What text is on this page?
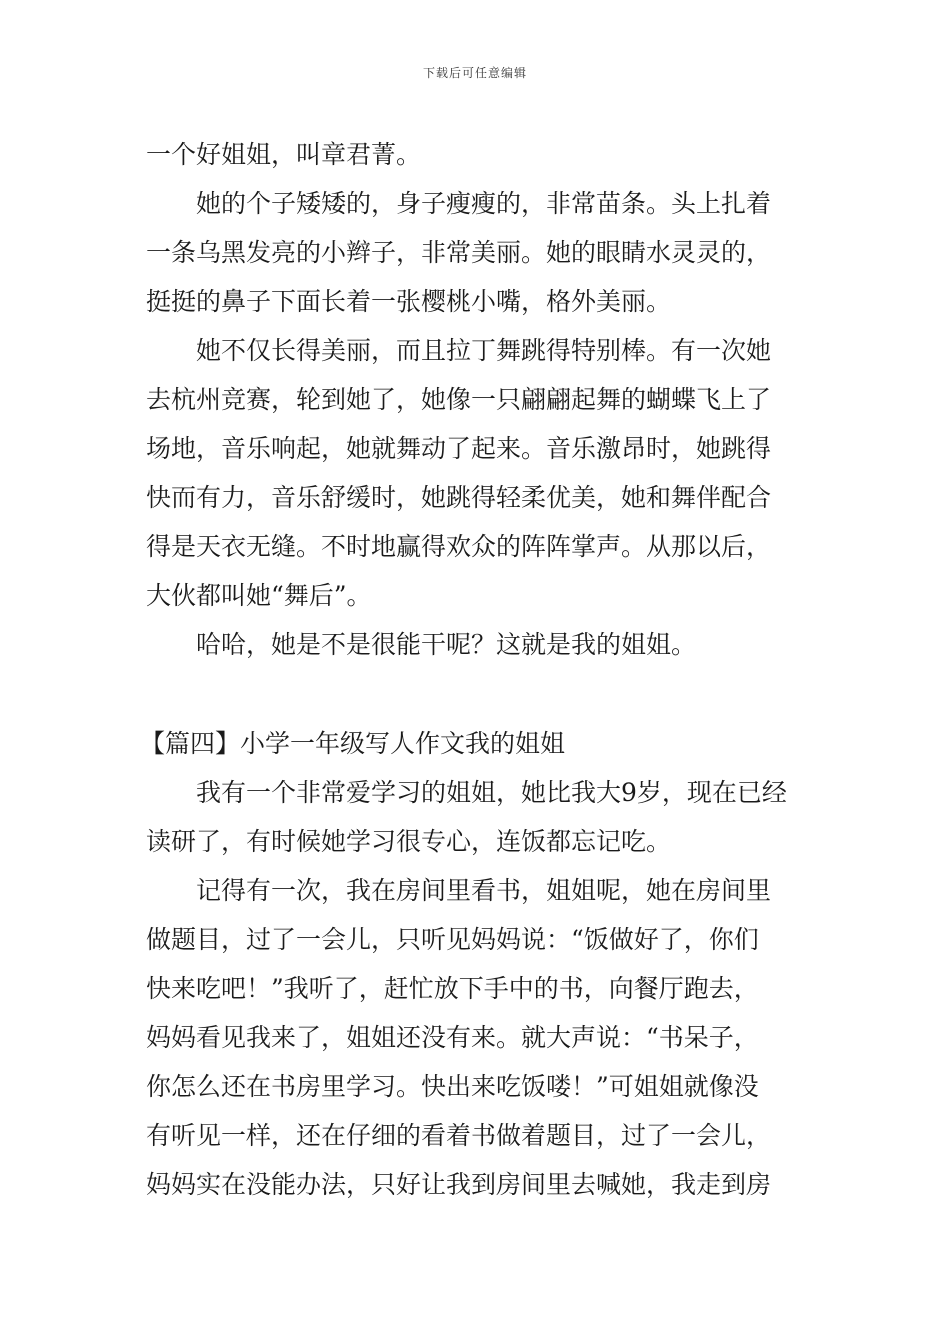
下载后可任意编辑
一个好姐姐，叫章君菁。
她的个子矮矮的，身子瘦瘦的，非常苗条。头上扎着
一条乌黑发亮的小辫子，非常美丽。她的眼睛水灵灵的，
挺挺的鼻子下面长着一张樱桃小嘴，格外美丽。
她不仅长得美丽，而且拉丁舞跳得特别棒。有一次她
去杭州竞赛，轮到她了，她像一只翩翩起舞的蝴蝶飞上了
场地，音乐响起，她就舞动了起来。音乐激昂时，她跳得
快而有力，音乐舒缓时，她跳得轻柔优美，她和舞伴配合
得是天衣无缝。不时地赢得欢众的阵阵掌声。从那以后，
大伙都叫她“舞后”。
哈哈，她是不是很能干呢？这就是我的姐姐。
【篇四】小学一年级写人作文我的姐姐
我有一个非常爱学习的姐姐，她比我大9岁，现在已经
读研了，有时候她学习很专心，连饭都忘记吃。
记得有一次，我在房间里看书，姐姐呢，她在房间里
做题目，过了一会儿，只听见妈妈说：“饭做好了，你们
快来吃吧！”我听了，赶忙放下手中的书，向餐厅跑去，
妈妈看见我来了，姐姐还没有来。就大声说：“书呆子，
你怎么还在书房里学习。快出来吃饭喽！”可姐姐就像没
有听见一样，还在仔细的看着书做着题目，过了一会儿，
妈妈实在没能办法，只好让我到房间里去喊她，我走到房
